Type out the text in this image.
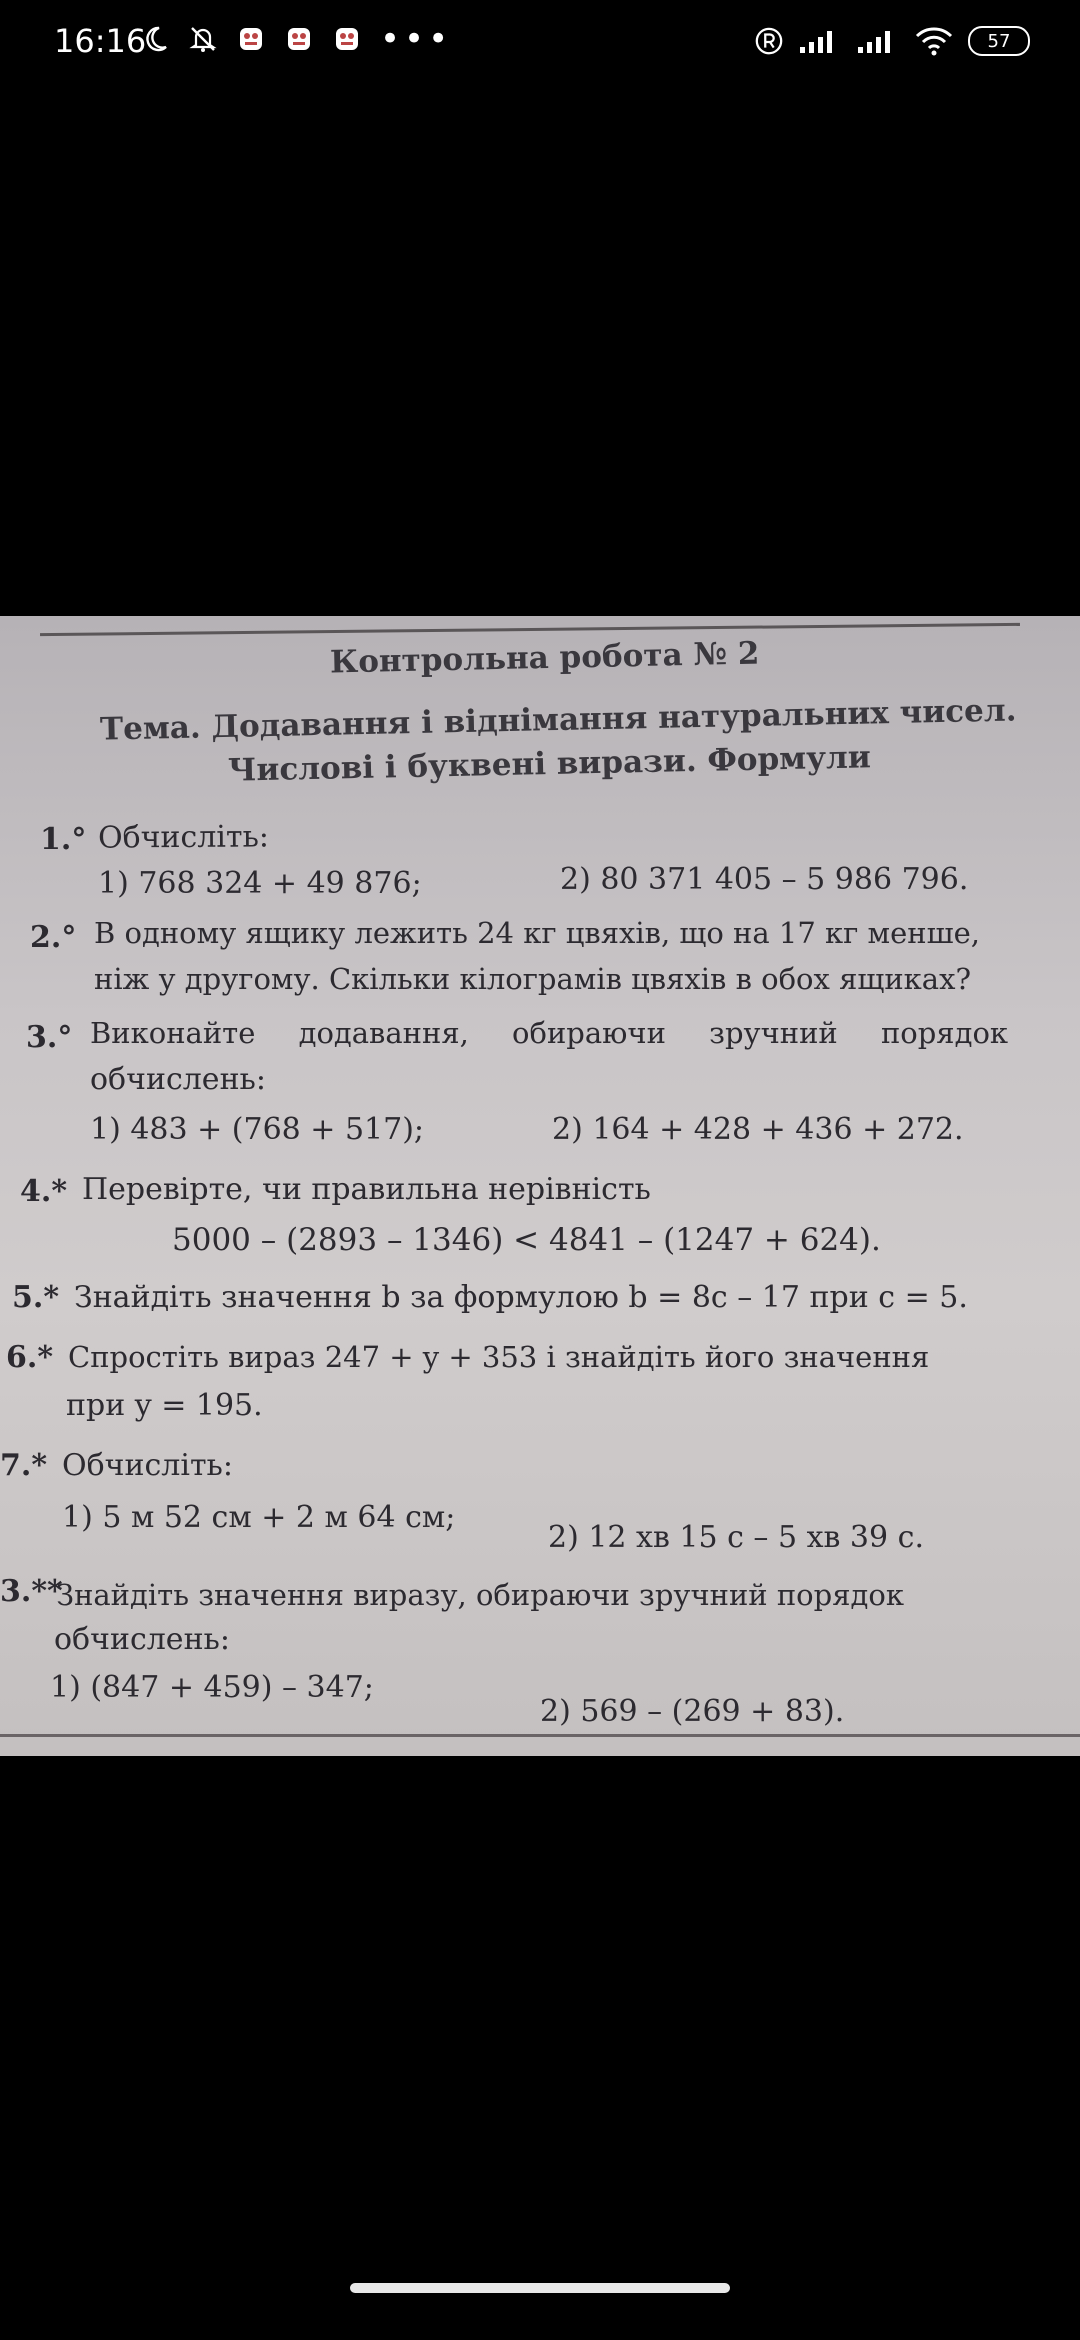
16:16	•••	57
Контрольна робота № 2
Тема. Додавання і віднімання натуральних чисел.
Числові і буквені вирази. Формули
1.° Обчисліть:
1) 768 324 + 49 876;	2) 80 371 405 – 5 986 796.
2.° В одному ящику лежить 24 кг цвяхів, що на 17 кг менше,
ніж у другому. Скільки кілограмів цвяхів в обох ящиках?
3.° Виконайте додавання, обираючи зручний порядок
обчислень:
1) 483 + (768 + 517);	2) 164 + 428 + 436 + 272.
4.* Перевірте, чи правильна нерівність
5000 – (2893 – 1346) < 4841 – (1247 + 624).
5.* Знайдіть значення b за формулою b = 8c – 17 при c = 5.
6.* Спростіть вираз 247 + y + 353 і знайдіть його значення
при y = 195.
7.* Обчисліть:
1) 5 м 52 см + 2 м 64 см;
2) 12 хв 15 с – 5 хв 39 с.
3.**
Знайдіть значення виразу, обираючи зручний порядок
обчислень:
1) (847 + 459) – 347;
2) 569 – (269 + 83).
